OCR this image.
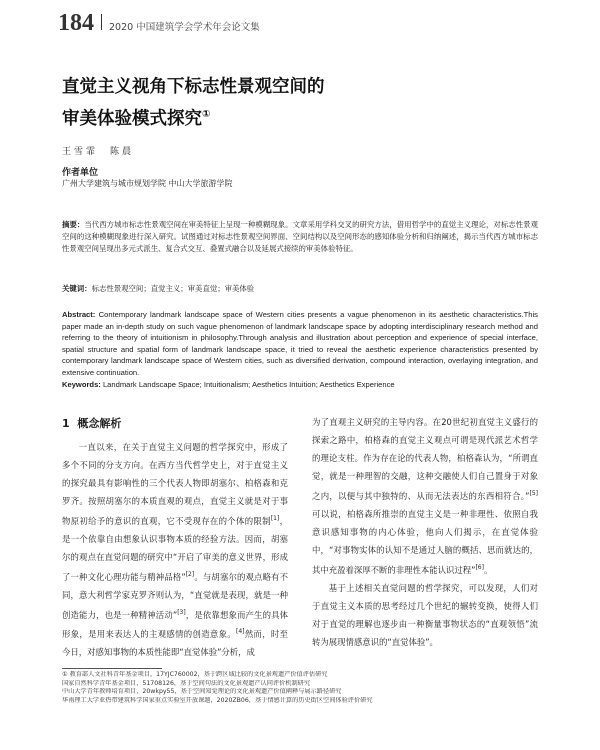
184 2020 中国建筑学会学术年会论文集
直觉主义视角下标志性景观空间的
审美体验模式探究①
王雪霏　陈晨
作者单位
广州大学建筑与城市规划学院 中山大学旅游学院
摘要：当代西方城市标志性景观空间在审美特征上呈现一种模糊现象。文章采用学科交叉的研究方法，借用哲学中的直觉主义理论，对标志性景观空间的这种模糊现象进行深入研究。试图通过对标志性景观空间界面、空间结构以及空间形态的感知体验分析和归纳阐述，揭示当代西方城市标志性景观空间呈现出多元式派生、复合式交互、叠置式融合以及延展式接续的审美体验特征。
关键词：标志性景观空间；直觉主义；审美直觉；审美体验
Abstract: Contemporary landmark landscape space of Western cities presents a vague phenomenon in its aesthetic characteristics.This paper made an in-depth study on such vague phenomenon of landmark landscape space by adopting interdisciplinary research method and referring to the theory of intuitionism in philosophy.Through analysis and illustration about perception and experience of special interface, spatial structure and spatial form of landmark landscape space, it tried to reveal the aesthetic experience characteristics presented by contemporary landmark landscape space of Western cities, such as diversified derivation, compound interaction, overlaying integration, and extensive continuation.
Keywords: Landmark Landscape Space; Intuitionalism; Aesthetics Intuition; Aesthetics Experience
1 概念解析

一直以来，在关于直觉主义问题的哲学探究中，形成了多个不同的分支方向。在西方当代哲学史上，对于直觉主义的探究最具有影响性的三个代表人物即胡塞尔、柏格森和克罗齐。按照胡塞尔的本质直观的观点，直觉主义就是对于事物原初给予的意识的直观，它不受现存在的个体的限制[1]，是一个依靠自由想象认识事物本质的经验方法。因而，胡塞尔的观点在直觉问题的研究中“开启了审美的意义世界，形成了一种文化心理功能与精神品格”[2]。与胡塞尔的观点略有不同，意大利哲学家克罗齐则认为，“直觉就是表现，就是一种创造能力，也是一种精神活动”[3]，是依靠想象而产生的具体形象，是用来表达人的主观感情的创造意象。[4]然而，时至今日，对感知事物的本质性能即“直觉体验”分析，成

为了直观主义研究的主导内容。在20世纪初直觉主义盛行的探索之路中，柏格森的直觉主义观点可谓是现代派艺术哲学的理论支柱。作为存在论的代表人物，柏格森认为，“所谓直觉，就是一种理智的交融，这种交融使人们自己置身于对象之内，以便与其中独特的、从而无法表达的东西相符合。”[5]可以说，柏格森所推崇的直觉主义是一种非理性、依照自我意识感知事物的内心体验，他向人们揭示，在直觉体验中，“对事物实体的认知不是通过人脑的概括、思而就达的，其中充盈着深厚不断的非理性本能认识过程”[6]。

基于上述相关直觉问题的哲学探究，可以发现，人们对于直觉主义本质的思考经过几个世纪的辗转变换，使得人们对于直觉的理解也逐步由一种衡量事物状态的“直观领悟”流转为展现情感意识的“直觉体验”。

① 教育部人文社科青年基金项目，17YJC760002，基于跨区域比较的文化景观遗产价值评估研究
国家自然科学青年基金项目，51708126，基于空间句法的文化景观遗产认同评价机制研究
中山大学青年教师培育项目，20wkpy55，基于空间知觉理论的文化景观遗产价值阐释与展示路径研究
华南理工大学亚热带建筑科学国家重点实验室开放课题，2020ZB06，基于情感计算的历史街区空间体验评价研究
